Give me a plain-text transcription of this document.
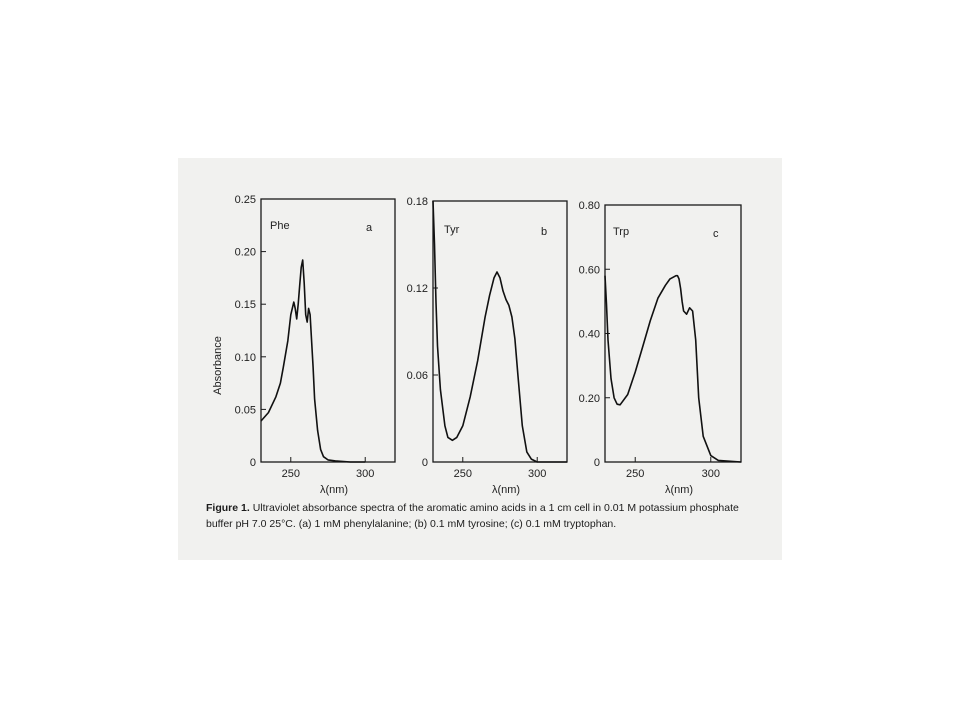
0
0.05
0.10
0.15
0.20
0.25
250	300
λ(nm)
Absorbance
Phe	a
0
0.06
0.12
0.18
250	300
λ(nm)
Tyr	b
0
0.20
0.40
0.60
0.80
250	300
λ(nm)
Trp	c
Figure 1. Ultraviolet absorbance spectra of the aromatic amino acids in a 1 cm cell in 0.01 M potassium phosphate buffer pH 7.0 25°C. (a) 1 mM phenylalanine; (b) 0.1 mM tyrosine; (c) 0.1 mM tryptophan.
